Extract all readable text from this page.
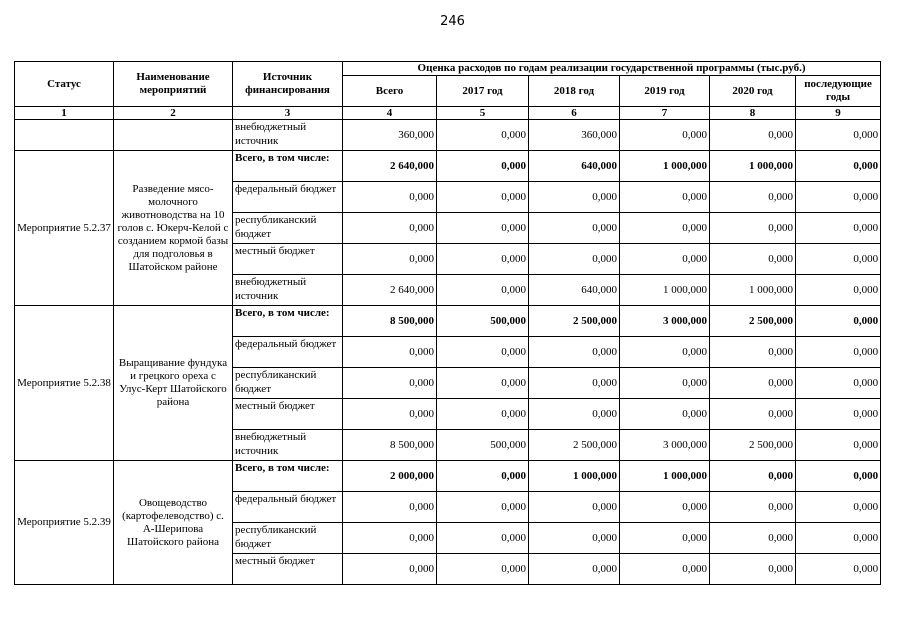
246
Статус	Наименование мероприятий	Источник финансирования	Оценка расходов по годам реализации государственной программы (тыс.руб.)					
			Всего	2017 год	2018 год	2019 год	2020 год	последующие годы
1	2	3	4	5	6	7	8	9
		внебюджетный источник	360,000	0,000	360,000	0,000	0,000	0,000
Мероприятие 5.2.37	Разведение мясо-молочного животноводства на 10 голов с. Юкерч-Келой с созданием кормой базы для подголовья в Шатойском районе	Всего, в том числе:	2 640,000	0,000	640,000	1 000,000	1 000,000	0,000
		федеральный бюджет	0,000	0,000	0,000	0,000	0,000	0,000
		республиканский бюджет	0,000	0,000	0,000	0,000	0,000	0,000
		местный бюджет	0,000	0,000	0,000	0,000	0,000	0,000
		внебюджетный источник	2 640,000	0,000	640,000	1 000,000	1 000,000	0,000
Мероприятие 5.2.38	Выращивание фундука и грецкого ореха с Улус-Керт Шатойского района	Всего, в том числе:	8 500,000	500,000	2 500,000	3 000,000	2 500,000	0,000
		федеральный бюджет	0,000	0,000	0,000	0,000	0,000	0,000
		республиканский бюджет	0,000	0,000	0,000	0,000	0,000	0,000
		местный бюджет	0,000	0,000	0,000	0,000	0,000	0,000
		внебюджетный источник	8 500,000	500,000	2 500,000	3 000,000	2 500,000	0,000
Мероприятие 5.2.39	Овощеводство (картофелеводство) с. А-Шерипова Шатойского района	Всего, в том числе:	2 000,000	0,000	1 000,000	1 000,000	0,000	0,000
		федеральный бюджет	0,000	0,000	0,000	0,000	0,000	0,000
		республиканский бюджет	0,000	0,000	0,000	0,000	0,000	0,000
		местный бюджет	0,000	0,000	0,000	0,000	0,000	0,000
